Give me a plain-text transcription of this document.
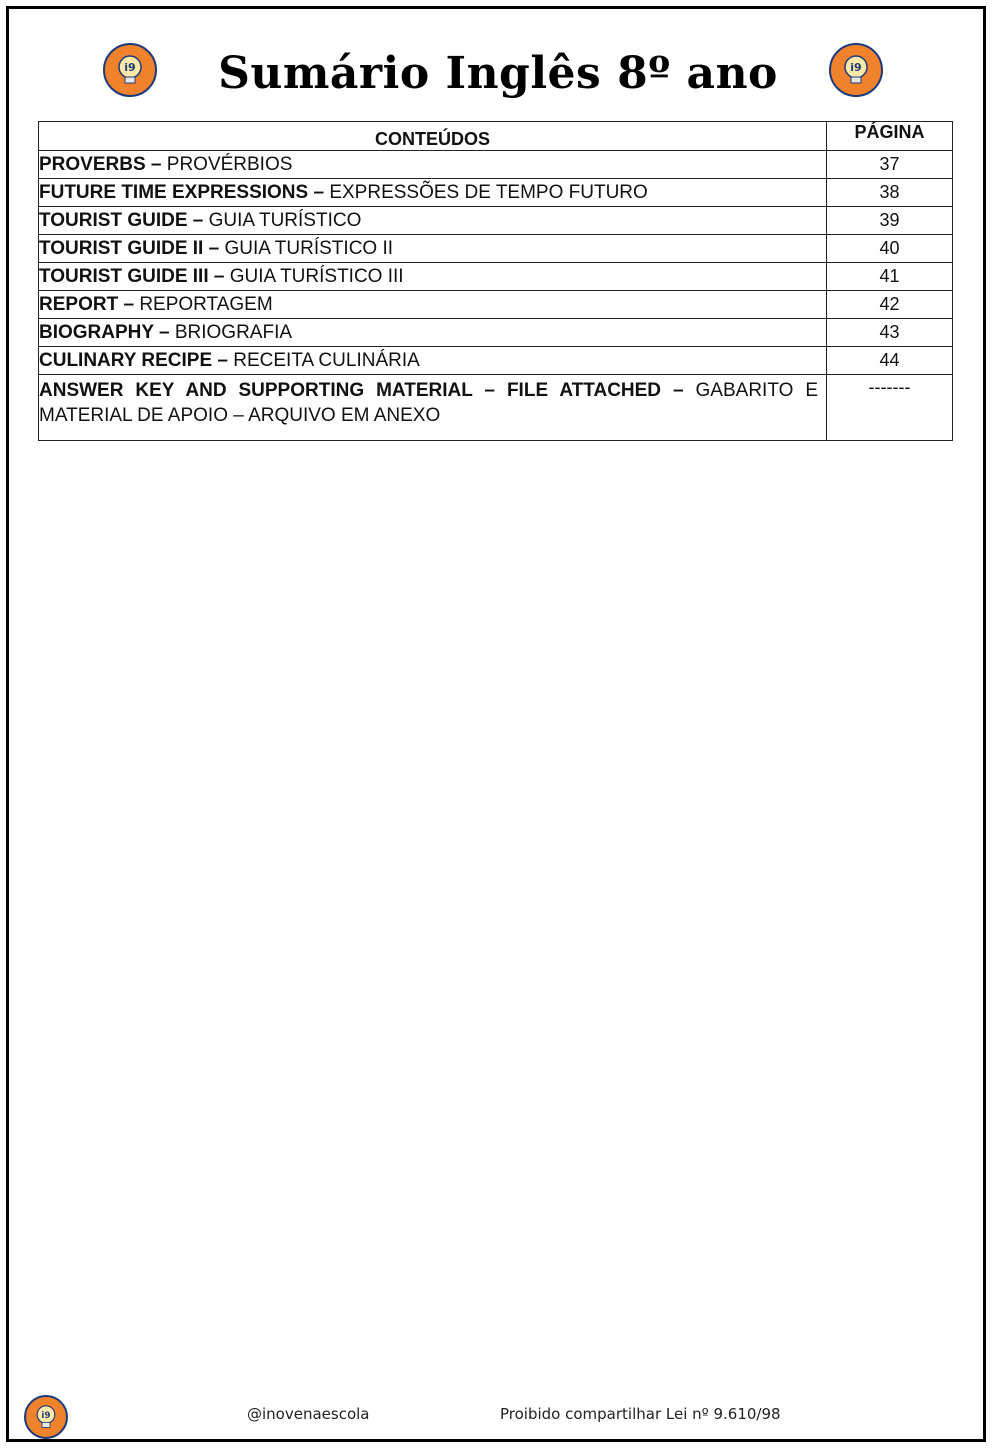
i9	i9
Sumário Inglês 8º ano
CONTEÚDOS	PÁGINA
PROVERBS – PROVÉRBIOS	37
FUTURE TIME EXPRESSIONS – EXPRESSÕES DE TEMPO FUTURO	38
TOURIST GUIDE – GUIA TURÍSTICO	39
TOURIST GUIDE II – GUIA TURÍSTICO II	40
TOURIST GUIDE III – GUIA TURÍSTICO III	41
REPORT – REPORTAGEM	42
BIOGRAPHY – BRIOGRAFIA	43
CULINARY RECIPE – RECEITA CULINÁRIA	44
ANSWER KEY AND SUPPORTING MATERIAL – FILE ATTACHED – GABARITO E MATERIAL DE APOIO – ARQUIVO EM ANEXO	-------
i9	@inovenaescola	Proibido compartilhar Lei nº 9.610/98
